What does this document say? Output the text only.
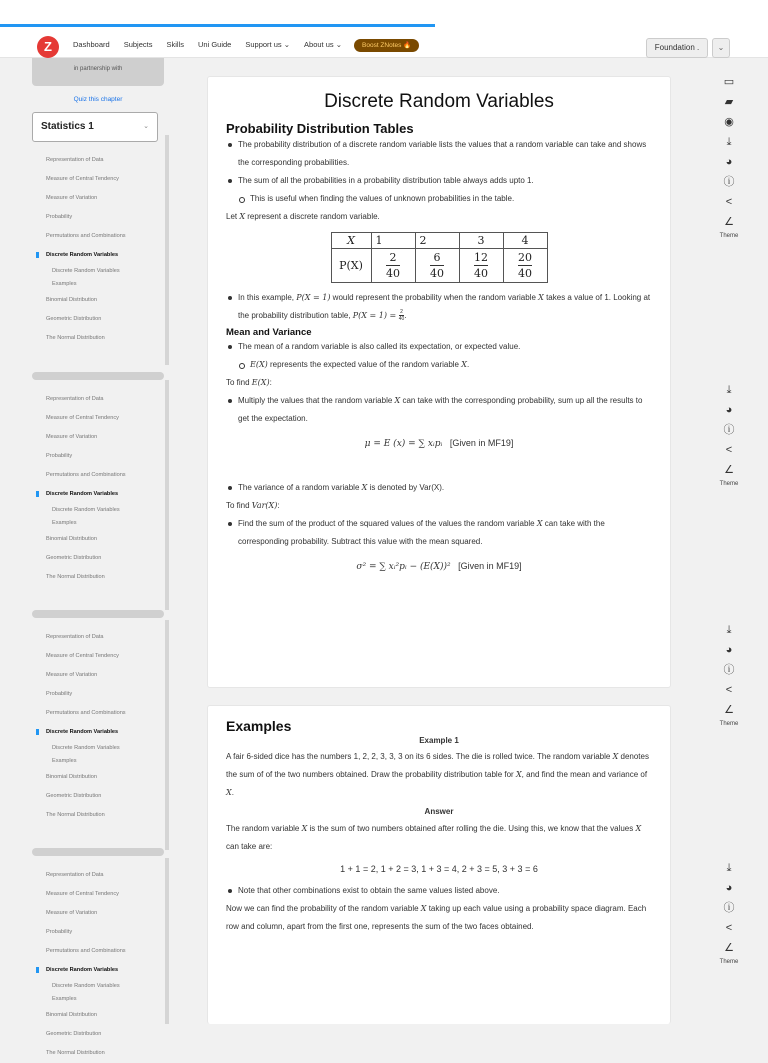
Z	Dashboard Subjects Skills Uni Guide Support us ⌄ About us ⌄	Boost ZNotes 🔥	Foundation .	⌄
in partnership with
Quiz this chapter
Statistics 1	⌄
Representation of Data
Measure of Central Tendency
Measure of Variation
Probability
Permutations and Combinations
Discrete Random Variables
Discrete Random Variables
Examples
Binomial Distribution
Geometric Distribution
The Normal Distribution
Representation of Data
Measure of Central Tendency
Measure of Variation
Probability
Permutations and Combinations
Discrete Random Variables
Discrete Random Variables
Examples
Binomial Distribution
Geometric Distribution
The Normal Distribution
Representation of Data
Measure of Central Tendency
Measure of Variation
Probability
Permutations and Combinations
Discrete Random Variables
Discrete Random Variables
Examples
Binomial Distribution
Geometric Distribution
The Normal Distribution
Representation of Data
Measure of Central Tendency
Measure of Variation
Probability
Permutations and Combinations
Discrete Random Variables
Discrete Random Variables
Examples
Binomial Distribution
Geometric Distribution
The Normal Distribution
Discrete Random Variables
Probability Distribution Tables
The probability distribution of a discrete random variable lists the values that a random variable can take and shows the corresponding probabilities.
The sum of all the probabilities in a probability distribution table always adds upto 1.
This is useful when finding the values of unknown probabilities in the table.
Let X represent a discrete random variable.
X	1	2	3	4
P(X)	$\frac{2}{40}$	$\frac{6}{40}$	$\frac{12}{40}$	$\frac{20}{40}$
In this example, P(X = 1) would represent the probability when the random variable X takes a value of 1. Looking at the probability distribution table, $P(X = 1) = \frac{2}{40}$ .
Mean and Variance
The mean of a random variable is also called its expectation, or expected value.
E(X) represents the expected value of the random variable X.
To find E(X):
Multiply the values that the random variable X can take with the corresponding probability, sum up all the results to get the expectation.
μ = E (x) = ∑ xᵢpᵢ [Given in MF19]
The variance of a random variable X is denoted by Var(X).
To find Var(X):
Find the sum of the product of the squared values of the values the random variable X can take with the corresponding probability. Subtract this value with the mean squared.
σ² = ∑ xᵢ²pᵢ − (E(X))² [Given in MF19]
Examples
Example 1
A fair 6-sided dice has the numbers 1, 2, 2, 3, 3, 3 on its 6 sides. The die is rolled twice. The random variable X denotes the sum of of the two numbers obtained. Draw the probability distribution table for X, and find the mean and variance of X.
Answer
The random variable X is the sum of two numbers obtained after rolling the die. Using this, we know that the values X can take are:
1 + 1 = 2, 1 + 2 = 3, 1 + 3 = 4, 2 + 3 = 5, 3 + 3 = 6
Note that other combinations exist to obtain the same values listed above.
Now we can find the probability of the random variable X taking up each value using a probability space diagram. Each row and column, apart from the first one, represents the sum of the two faces obtained.
▭
▰
◉
⤓
◕
ⓘ
<
∠
Theme
⤓
◕
ⓘ
<
∠
Theme
⤓
◕
ⓘ
<
∠
Theme
⤓
◕
ⓘ
<
∠
Theme
